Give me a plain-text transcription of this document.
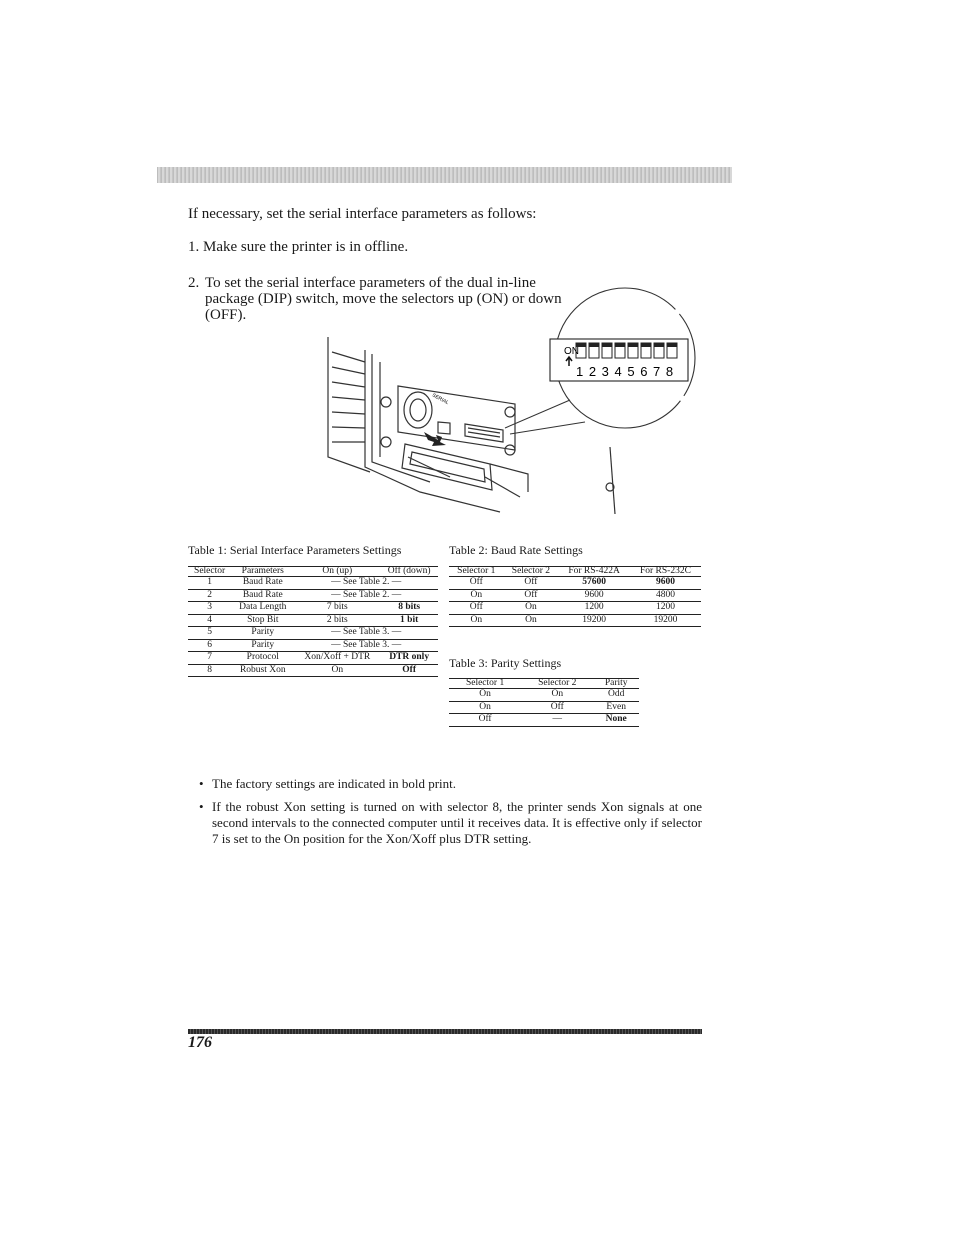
If necessary, set the serial interface parameters as follows:
1. Make sure the printer is in offline.
2. To set the serial interface parameters of the dual in-line package (DIP) switch, move the selectors up (ON) or down (OFF).
ON
1 2 3 4 5 6 7 8
SERIAL
Table 1: Serial Interface Parameters Settings
Selector	Parameters	On (up)	Off (down)
1	Baud Rate	— See Table 2. —	
2	Baud Rate	— See Table 2. —	
3	Data Length	7 bits	8 bits
4	Stop Bit	2 bits	1 bit
5	Parity	— See Table 3. —	
6	Parity	— See Table 3. —	
7	Protocol	Xon/Xoff + DTR	DTR only
8	Robust Xon	On	Off
Table 2: Baud Rate Settings
Selector 1	Selector 2	For RS-422A	For RS-232C
Off	Off	57600	9600
On	Off	9600	4800
Off	On	1200	1200
On	On	19200	19200
Table 3: Parity Settings
Selector 1	Selector 2	Parity
On	On	Odd
On	Off	Even
Off	—	None
• The factory settings are indicated in bold print.
• If the robust Xon setting is turned on with selector 8, the printer sends Xon signals at one second intervals to the connected computer until it receives data. It is effective only if selector 7 is set to the On position for the Xon/Xoff plus DTR setting.
176
